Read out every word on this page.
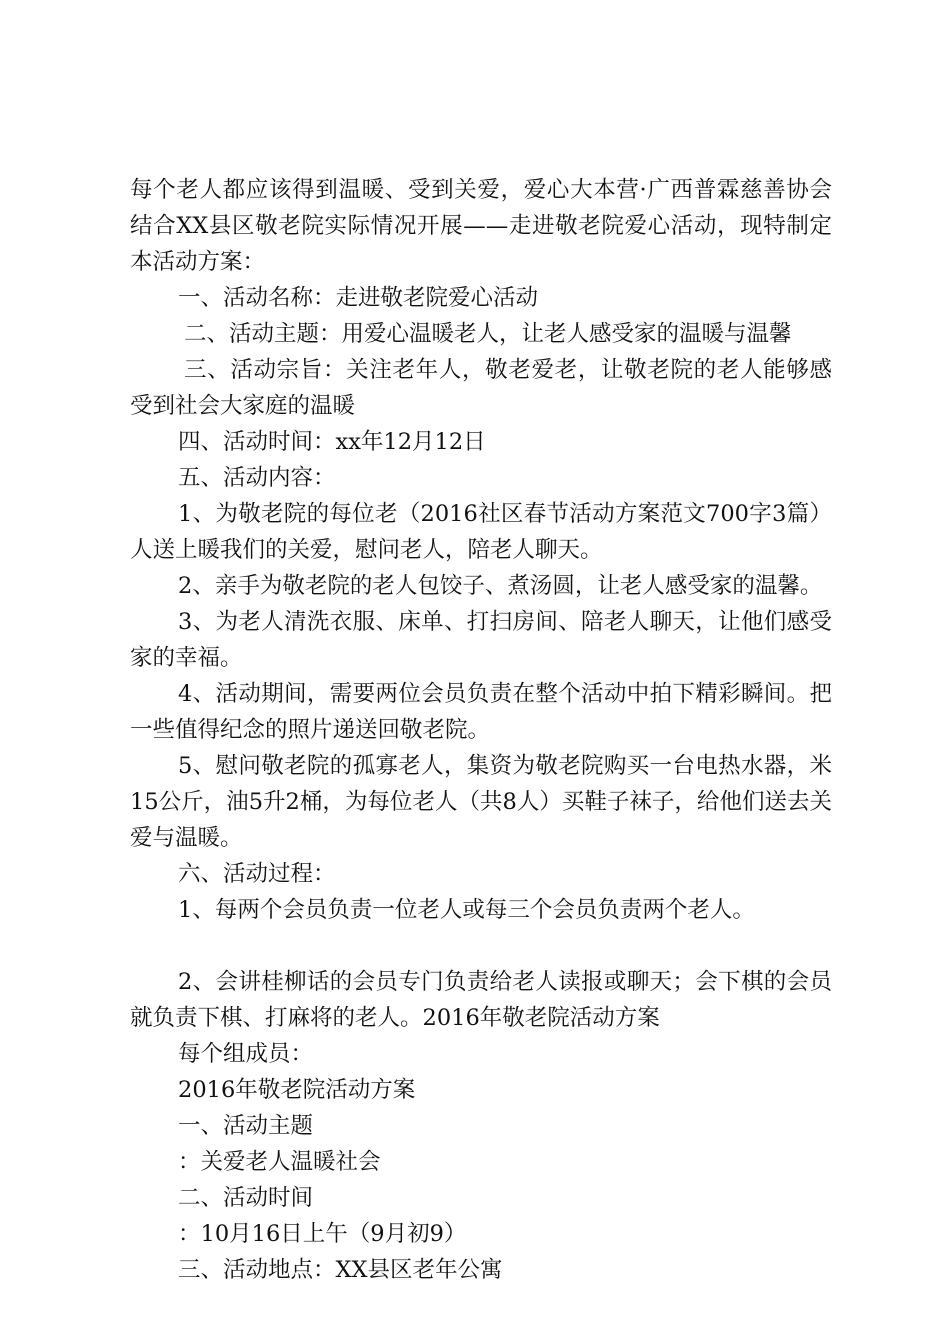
每个老人都应该得到温暖、受到关爱，爱心大本营·广西普霖慈善协会结合XX县区敬老院实际情况开展——走进敬老院爱心活动，现特制定本活动方案：

一、活动名称：走进敬老院爱心活动

二、活动主题：用爱心温暖老人，让老人感受家的温暖与温馨

三、活动宗旨：关注老年人，敬老爱老，让敬老院的老人能够感受到社会大家庭的温暖

四、活动时间：xx年12月12日

五、活动内容：

1、为敬老院的每位老（2016社区春节活动方案范文700字3篇）人送上暖我们的关爱，慰问老人，陪老人聊天。

2、亲手为敬老院的老人包饺子、煮汤圆，让老人感受家的温馨。

3、为老人清洗衣服、床单、打扫房间、陪老人聊天，让他们感受家的幸福。

4、活动期间，需要两位会员负责在整个活动中拍下精彩瞬间。把一些值得纪念的照片递送回敬老院。

5、慰问敬老院的孤寡老人，集资为敬老院购买一台电热水器，米15公斤，油5升2桶，为每位老人（共8人）买鞋子袜子，给他们送去关爱与温暖。

六、活动过程：

1、每两个会员负责一位老人或每三个会员负责两个老人。

2、会讲桂柳话的会员专门负责给老人读报或聊天；会下棋的会员就负责下棋、打麻将的老人。2016年敬老院活动方案

每个组成员：

2016年敬老院活动方案

一、活动主题

：关爱老人温暖社会

二、活动时间

：10月16日上午（9月初9）

三、活动地点：XX县区老年公寓
